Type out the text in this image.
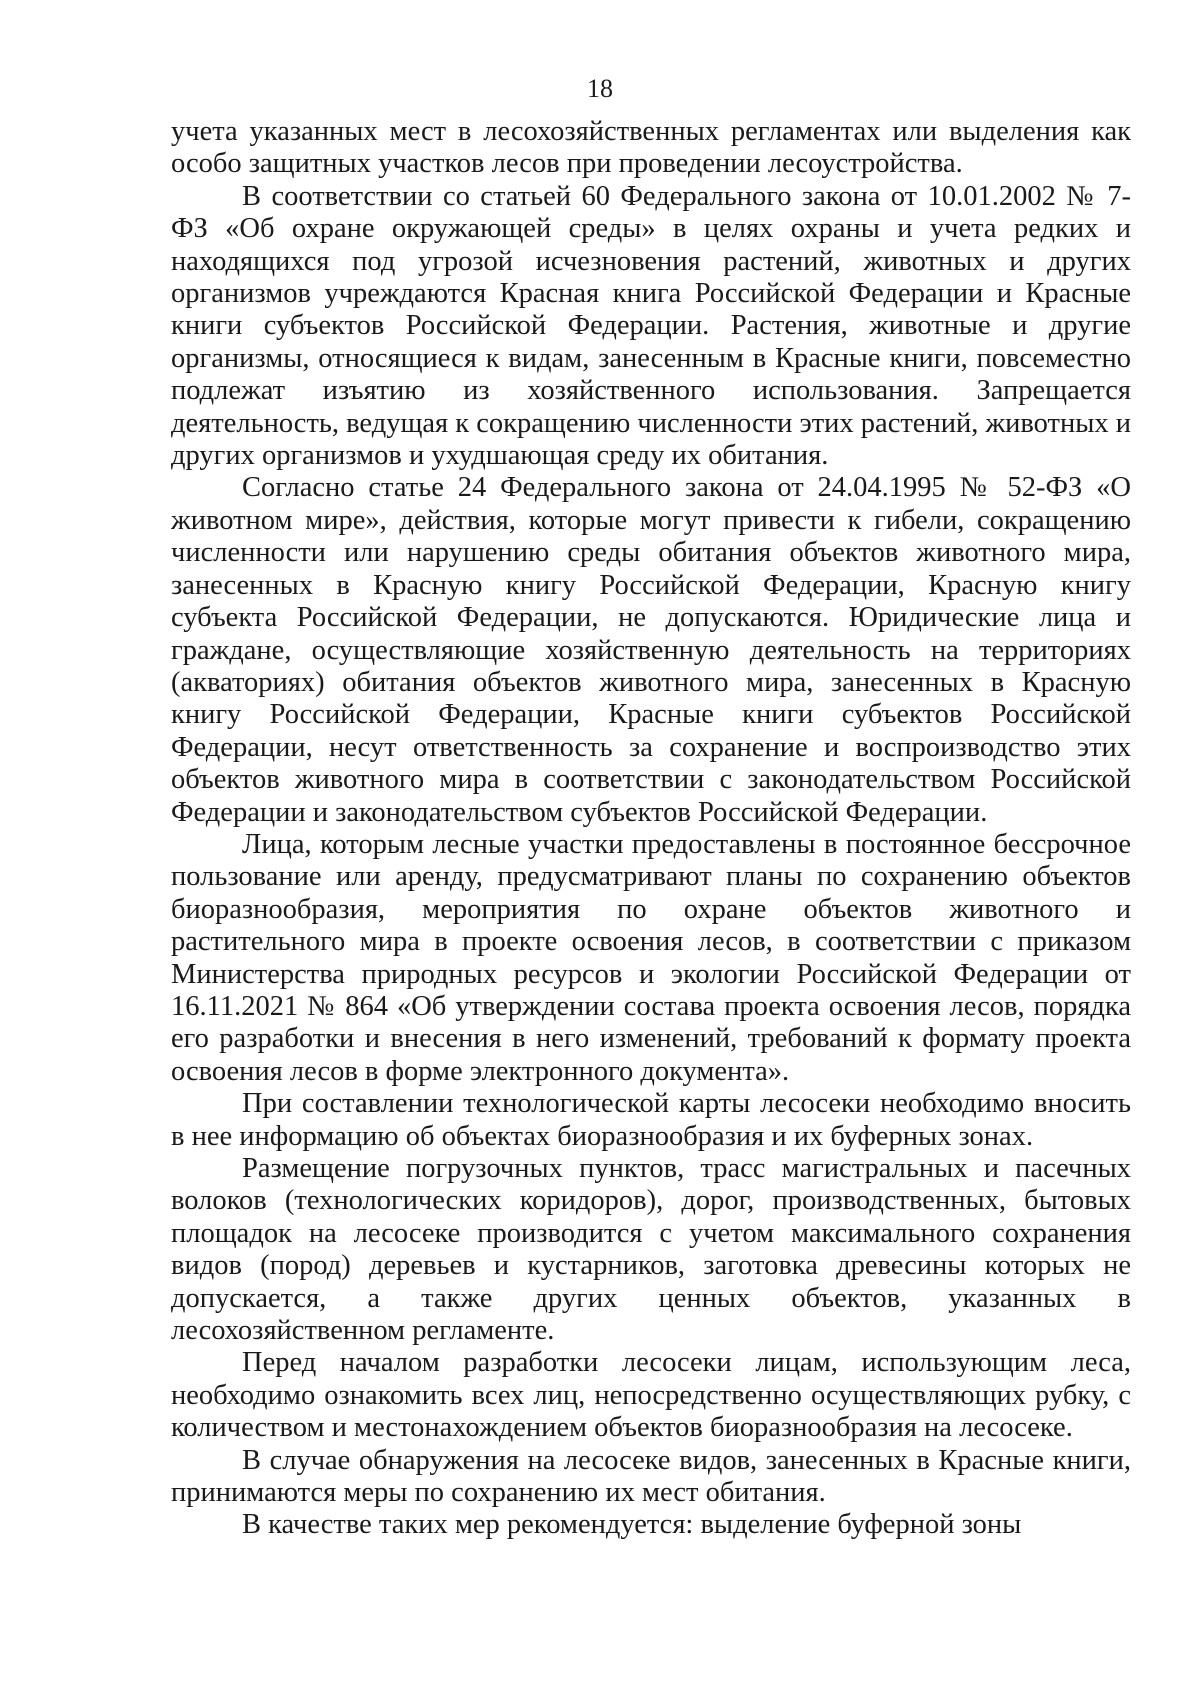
18

учета указанных мест в лесохозяйственных регламентах или выделения как особо защитных участков лесов при проведении лесоустройства.

В соответствии со статьей 60 Федерального закона от 10.01.2002 № 7-ФЗ «Об охране окружающей среды» в целях охраны и учета редких и находящихся под угрозой исчезновения растений, животных и других организмов учреждаются Красная книга Российской Федерации и Красные книги субъектов Российской Федерации. Растения, животные и другие организмы, относящиеся к видам, занесенным в Красные книги, повсеместно подлежат изъятию из хозяйственного использования. Запрещается деятельность, ведущая к сокращению численности этих растений, животных и других организмов и ухудшающая среду их обитания.

Согласно статье 24 Федерального закона от 24.04.1995 № 52-ФЗ «О животном мире», действия, которые могут привести к гибели, сокращению численности или нарушению среды обитания объектов животного мира, занесенных в Красную книгу Российской Федерации, Красную книгу субъекта Российской Федерации, не допускаются. Юридические лица и граждане, осуществляющие хозяйственную деятельность на территориях (акваториях) обитания объектов животного мира, занесенных в Красную книгу Российской Федерации, Красные книги субъектов Российской Федерации, несут ответственность за сохранение и воспроизводство этих объектов животного мира в соответствии с законодательством Российской Федерации и законодательством субъектов Российской Федерации.

Лица, которым лесные участки предоставлены в постоянное бессрочное пользование или аренду, предусматривают планы по сохранению объектов биоразнообразия, мероприятия по охране объектов животного и растительного мира в проекте освоения лесов, в соответствии с приказом Министерства природных ресурсов и экологии Российской Федерации от 16.11.2021 № 864 «Об утверждении состава проекта освоения лесов, порядка его разработки и внесения в него изменений, требований к формату проекта освоения лесов в форме электронного документа».

При составлении технологической карты лесосеки необходимо вносить в нее информацию об объектах биоразнообразия и их буферных зонах.

Размещение погрузочных пунктов, трасс магистральных и пасечных волоков (технологических коридоров), дорог, производственных, бытовых площадок на лесосеке производится с учетом максимального сохранения видов (пород) деревьев и кустарников, заготовка древесины которых не допускается, а также других ценных объектов, указанных в лесохозяйственном регламенте.

Перед началом разработки лесосеки лицам, использующим леса, необходимо ознакомить всех лиц, непосредственно осуществляющих рубку, с количеством и местонахождением объектов биоразнообразия на лесосеке.

В случае обнаружения на лесосеке видов, занесенных в Красные книги, принимаются меры по сохранению их мест обитания.

В качестве таких мер рекомендуется: выделение буферной зоны
